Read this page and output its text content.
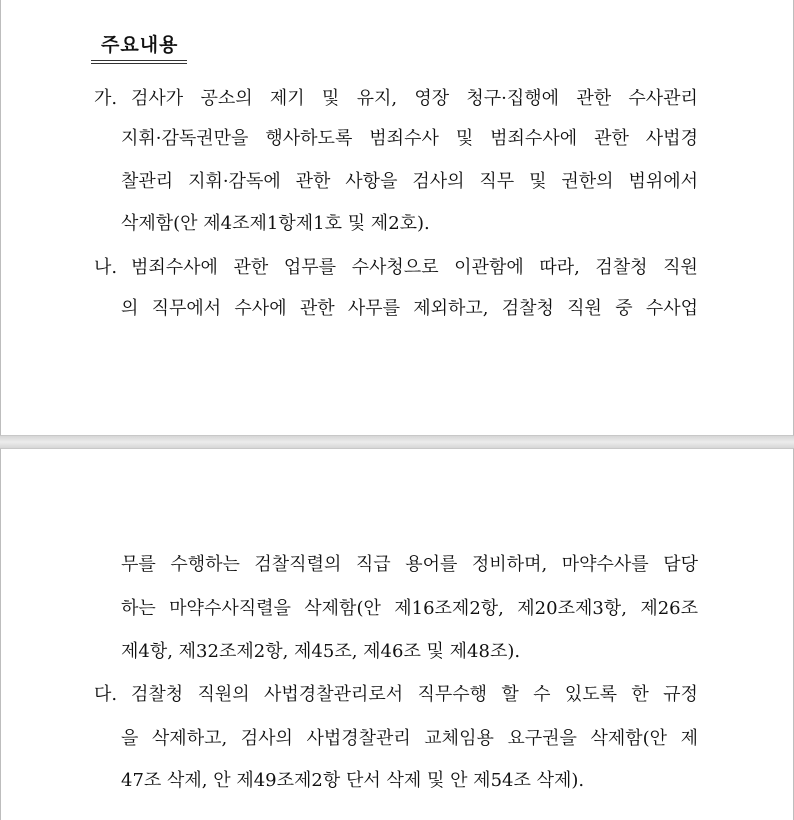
주요내용
가. 검사가 공소의 제기 및 유지, 영장 청구·집행에 관한 수사관리
지휘·감독권만을 행사하도록 범죄수사 및 범죄수사에 관한 사법경
찰관리 지휘·감독에 관한 사항을 검사의 직무 및 권한의 범위에서
삭제함(안 제4조제1항제1호 및 제2호).
나. 범죄수사에 관한 업무를 수사청으로 이관함에 따라, 검찰청 직원
의 직무에서 수사에 관한 사무를 제외하고, 검찰청 직원 중 수사업
무를 수행하는 검찰직렬의 직급 용어를 정비하며, 마약수사를 담당
하는 마약수사직렬을 삭제함(안 제16조제2항, 제20조제3항, 제26조
제4항, 제32조제2항, 제45조, 제46조 및 제48조).
다. 검찰청 직원의 사법경찰관리로서 직무수행 할 수 있도록 한 규정
을 삭제하고, 검사의 사법경찰관리 교체임용 요구권을 삭제함(안 제
47조 삭제, 안 제49조제2항 단서 삭제 및 안 제54조 삭제).
